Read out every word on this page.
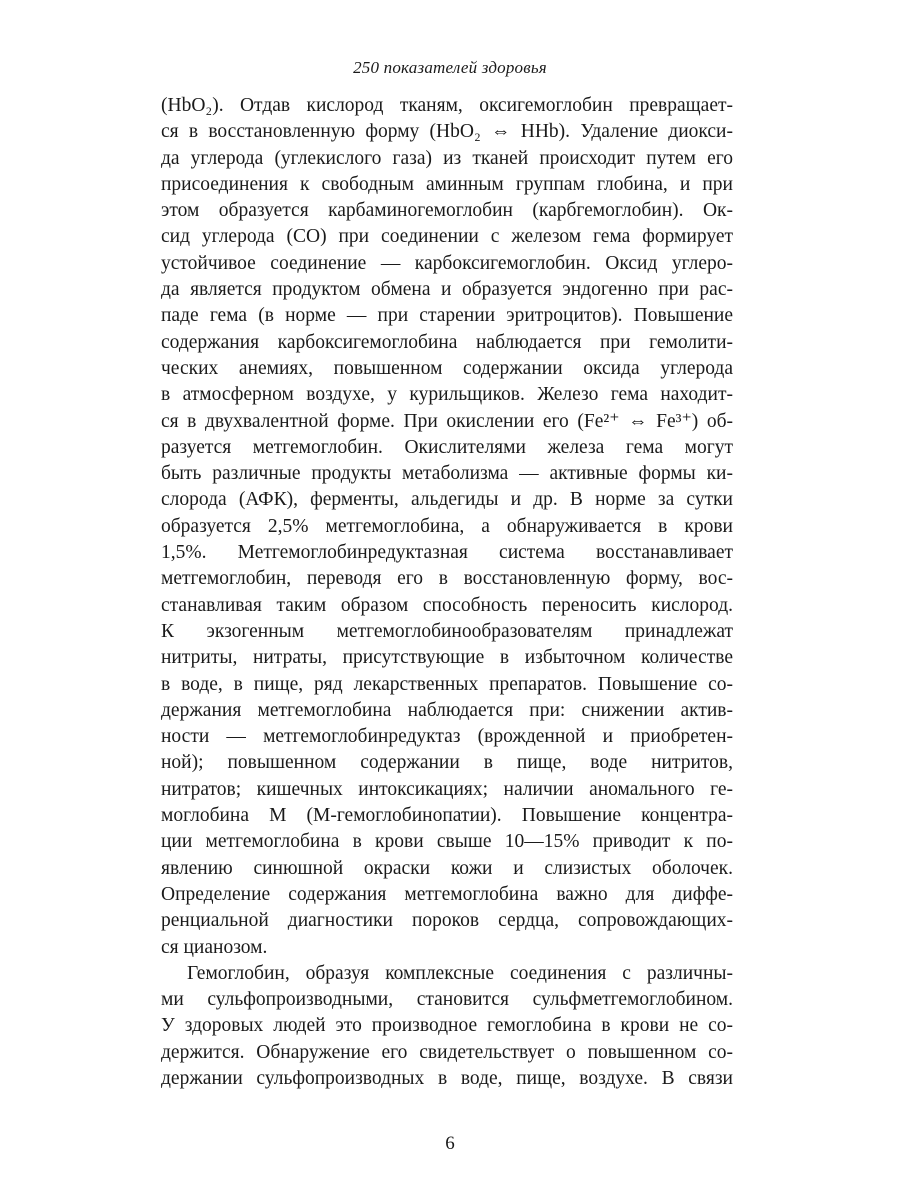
250 показателей здоровья
(HbO₂). Отдав кислород тканям, оксигемоглобин превращает-
ся в восстановленную форму (HbO₂ ⇔ HHb). Удаление диокси-
да углерода (углекислого газа) из тканей происходит путем его
присоединения к свободным аминным группам глобина, и при
этом образуется карбаминогемоглобин (карбгемоглобин). Ок-
сид углерода (CO) при соединении с железом гема формирует
устойчивое соединение — карбоксигемоглобин. Оксид углеро-
да является продуктом обмена и образуется эндогенно при рас-
паде гема (в норме — при старении эритроцитов). Повышение
содержания карбоксигемоглобина наблюдается при гемолити-
ческих анемиях, повышенном содержании оксида углерода
в атмосферном воздухе, у курильщиков. Железо гема находит-
ся в двухвалентной форме. При окислении его (Fe²⁺ ⇔ Fe³⁺) об-
разуется метгемоглобин. Окислителями железа гема могут
быть различные продукты метаболизма — активные формы ки-
слорода (АФК), ферменты, альдегиды и др. В норме за сутки
образуется 2,5% метгемоглобина, а обнаруживается в крови
1,5%. Метгемоглобинредуктазная система восстанавливает
метгемоглобин, переводя его в восстановленную форму, вос-
станавливая таким образом способность переносить кислород.
К экзогенным метгемоглобинообразователям принадлежат
нитриты, нитраты, присутствующие в избыточном количестве
в воде, в пище, ряд лекарственных препаратов. Повышение со-
держания метгемоглобина наблюдается при: снижении актив-
ности — метгемоглобинредуктаз (врожденной и приобретен-
ной); повышенном содержании в пище, воде нитритов,
нитратов; кишечных интоксикациях; наличии аномального ге-
моглобина M (M-гемоглобинопатии). Повышение концентра-
ции метгемоглобина в крови свыше 10—15% приводит к по-
явлению синюшной окраски кожи и слизистых оболочек.
Определение содержания метгемоглобина важно для диффе-
ренциальной диагностики пороков сердца, сопровождающих-
ся цианозом.
Гемоглобин, образуя комплексные соединения с различны-
ми сульфопроизводными, становится сульфметгемоглобином.
У здоровых людей это производное гемоглобина в крови не со-
держится. Обнаружение его свидетельствует о повышенном со-
держании сульфопроизводных в воде, пище, воздухе. В связи
6
